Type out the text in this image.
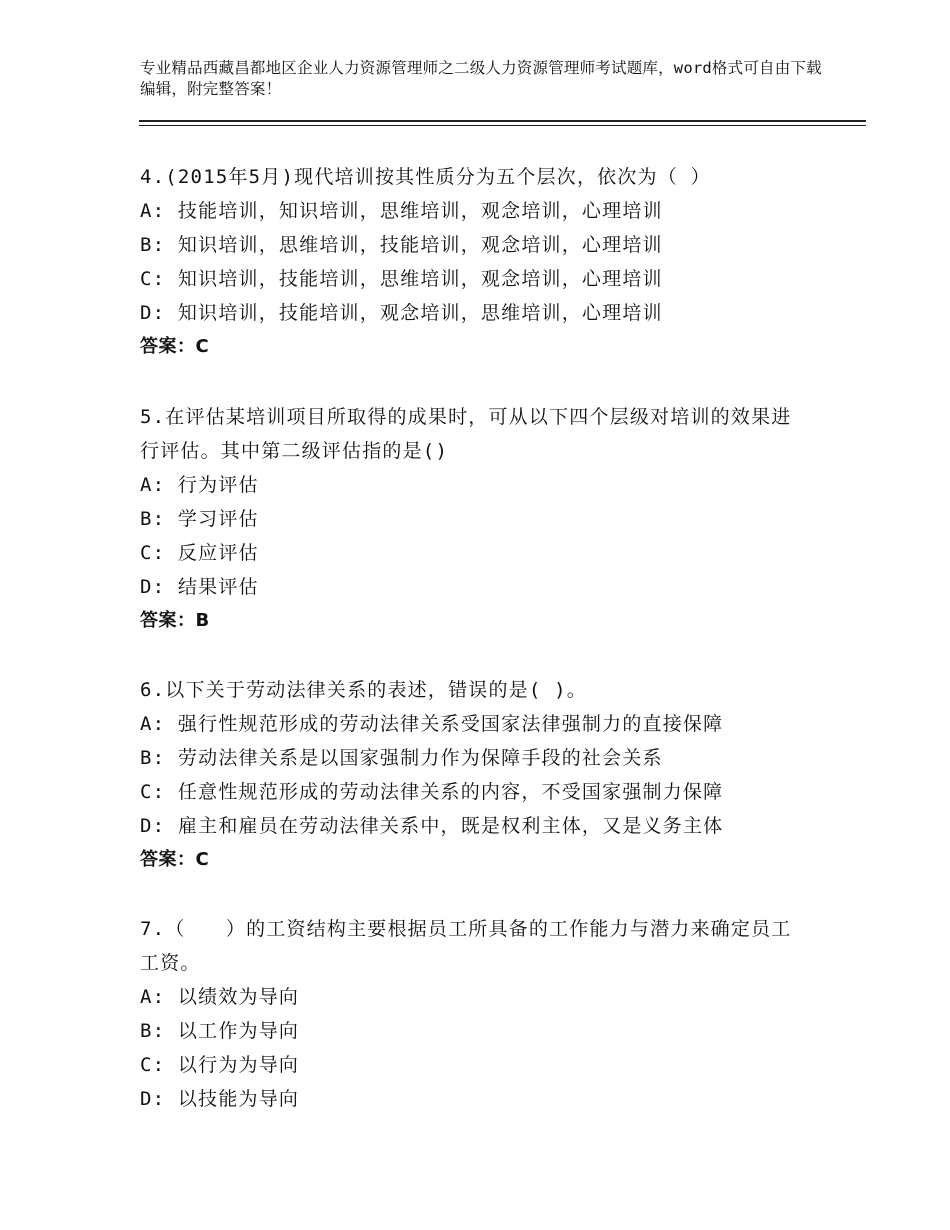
专业精品西藏昌都地区企业人力资源管理师之二级人力资源管理师考试题库，word格式可自由下载编辑，附完整答案！
4.(2015年5月)现代培训按其性质分为五个层次，依次为（ ）
A: 技能培训，知识培训，思维培训，观念培训，心理培训
B: 知识培训，思维培训，技能培训，观念培训，心理培训
C: 知识培训，技能培训，思维培训，观念培训，心理培训
D: 知识培训，技能培训，观念培训，思维培训，心理培训
答案：C
5.在评估某培训项目所取得的成果时，可从以下四个层级对培训的效果进行评估。其中第二级评估指的是()
A: 行为评估
B: 学习评估
C: 反应评估
D: 结果评估
答案：B
6.以下关于劳动法律关系的表述，错误的是( )。
A: 强行性规范形成的劳动法律关系受国家法律强制力的直接保障
B: 劳动法律关系是以国家强制力作为保障手段的社会关系
C: 任意性规范形成的劳动法律关系的内容，不受国家强制力保障
D: 雇主和雇员在劳动法律关系中，既是权利主体，又是义务主体
答案：C
7.（　　）的工资结构主要根据员工所具备的工作能力与潜力来确定员工工资。
A: 以绩效为导向
B: 以工作为导向
C: 以行为为导向
D: 以技能为导向
